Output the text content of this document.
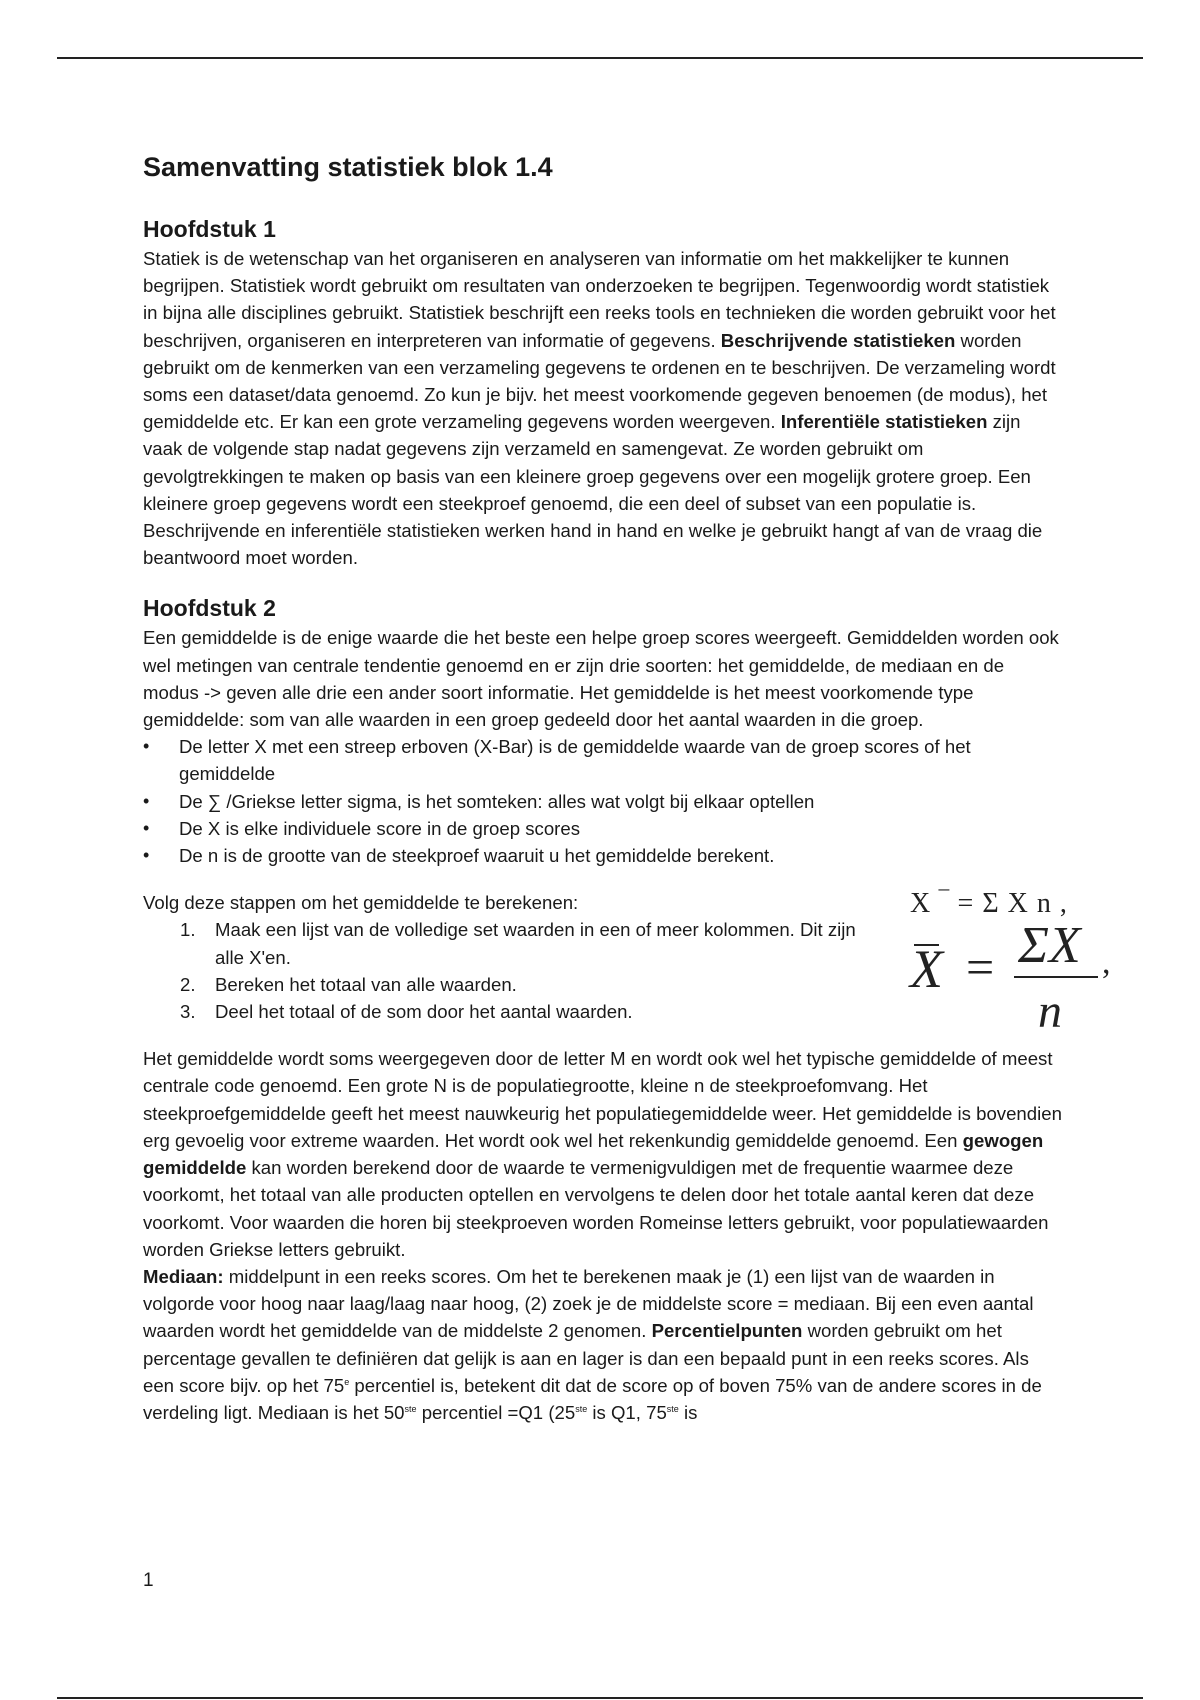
Samenvatting statistiek blok 1.4
Hoofdstuk 1

Statiek is de wetenschap van het organiseren en analyseren van informatie om het makkelijker te kunnen begrijpen. Statistiek wordt gebruikt om resultaten van onderzoeken te begrijpen. Tegenwoordig wordt statistiek in bijna alle disciplines gebruikt. Statistiek beschrijft een reeks tools en technieken die worden gebruikt voor het beschrijven, organiseren en interpreteren van informatie of gegevens. Beschrijvende statistieken worden gebruikt om de kenmerken van een verzameling gegevens te ordenen en te beschrijven. De verzameling wordt soms een dataset/data genoemd. Zo kun je bijv. het meest voorkomende gegeven benoemen (de modus), het gemiddelde etc. Er kan een grote verzameling gegevens worden weergeven. Inferentiële statistieken zijn vaak de volgende stap nadat gegevens zijn verzameld en samengevat. Ze worden gebruikt om gevolgtrekkingen te maken op basis van een kleinere groep gegevens over een mogelijk grotere groep. Een kleinere groep gegevens wordt een steekproef genoemd, die een deel of subset van een populatie is. Beschrijvende en inferentiële statistieken werken hand in hand en welke je gebruikt hangt af van de vraag die beantwoord moet worden.

Hoofdstuk 2

Een gemiddelde is de enige waarde die het beste een helpe groep scores weergeeft. Gemiddelden worden ook wel metingen van centrale tendentie genoemd en er zijn drie soorten: het gemiddelde, de mediaan en de modus -> geven alle drie een ander soort informatie. Het gemiddelde is het meest voorkomende type gemiddelde: som van alle waarden in een groep gedeeld door het aantal waarden in die groep.

• De letter X met een streep erboven (X-Bar) is de gemiddelde waarde van de groep scores of het gemiddelde
• De ∑ /Griekse letter sigma, is het somteken: alles wat volgt bij elkaar optellen
• De X is elke individuele score in de groep scores
• De n is de grootte van de steekproef waaruit u het gemiddelde berekent.

Volg deze stappen om het gemiddelde te berekenen:

1. Maak een lijst van de volledige set waarden in een of meer kolommen. Dit zijn alle X'en.
2. Bereken het totaal van alle waarden.
3. Deel het totaal of de som door het aantal waarden.

Het gemiddelde wordt soms weergegeven door de letter M en wordt ook wel het typische gemiddelde of meest centrale code genoemd. Een grote N is de populatiegrootte, kleine n de steekproefomvang. Het steekproefgemiddelde geeft het meest nauwkeurig het populatiegemiddelde weer. Het gemiddelde is bovendien erg gevoelig voor extreme waarden. Het wordt ook wel het rekenkundig gemiddelde genoemd. Een gewogen gemiddelde kan worden berekend door de waarde te vermenigvuldigen met de frequentie waarmee deze voorkomt, het totaal van alle producten optellen en vervolgens te delen door het totale aantal keren dat deze voorkomt. Voor waarden die horen bij steekproeven worden Romeinse letters gebruikt, voor populatiewaarden worden Griekse letters gebruikt.

Mediaan: middelpunt in een reeks scores. Om het te berekenen maak je (1) een lijst van de waarden in volgorde voor hoog naar laag/laag naar hoog, (2) zoek je de middelste score = mediaan. Bij een even aantal waarden wordt het gemiddelde van de middelste 2 genomen. Percentielpunten worden gebruikt om het percentage gevallen te definiëren dat gelijk is aan en lager is dan een bepaald punt in een reeks scores. Als een score bijv. op het 75e percentiel is, betekent dit dat de score op of boven 75% van de andere scores in de verdeling ligt. Mediaan is het 50ste percentiel =Q1 (25ste is Q1, 75ste is

X ‾ = Σ X n ,
X = ΣX
n
,
1
